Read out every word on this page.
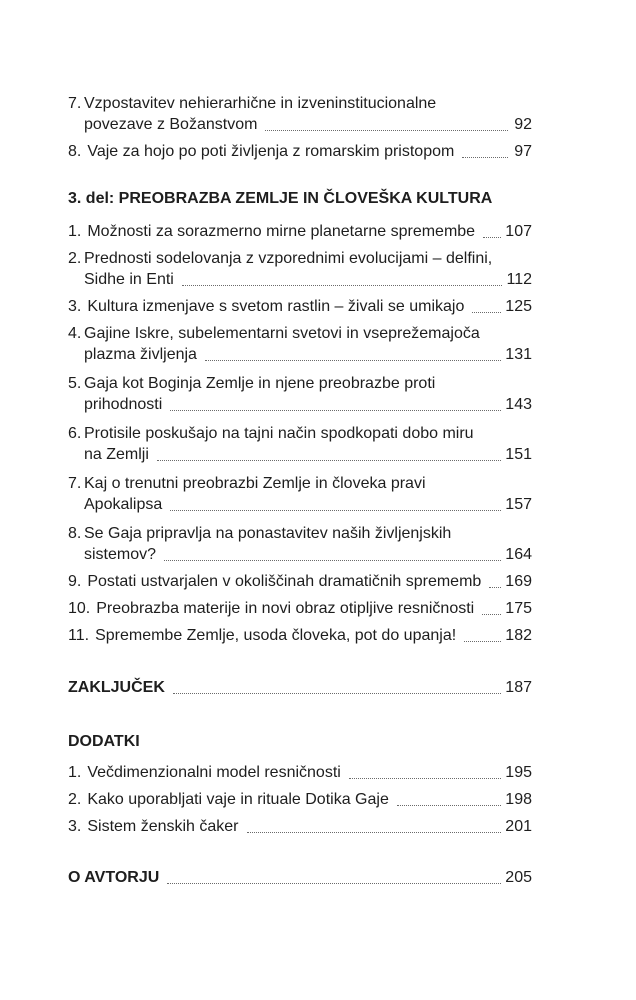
7. Vzpostavitev nehierarhične in izveninstitucionalne
povezave z Božanstvom	92
8. Vaje za hojo po poti življenja z romarskim pristopom	97
3. del: PREOBRAZBA ZEMLJE IN ČLOVEŠKA KULTURA
1. Možnosti za sorazmerno mirne planetarne spremembe 107
2. Prednosti sodelovanja z vzporednimi evolucijami – delfini,
Sidhe in Enti	112
3. Kultura izmenjave s svetom rastlin – živali se umikajo	125
4. Gajine Iskre, subelementarni svetovi in vseprežemajoča
plazma življenja	131
5. Gaja kot Boginja Zemlje in njene preobrazbe proti
prihodnosti	143
6. Protisile poskušajo na tajni način spodkopati dobo miru
na Zemlji	151
7. Kaj o trenutni preobrazbi Zemlje in človeka pravi
Apokalipsa	157
8. Se Gaja pripravlja na ponastavitev naših življenjskih
sistemov?	164
9. Postati ustvarjalen v okoliščinah dramatičnih sprememb 169
10. Preobrazba materije in novi obraz otipljive resničnosti 175
11. Spremembe Zemlje, usoda človeka, pot do upanja!	182
ZAKLJUČEK	187
DODATKI
1. Večdimenzionalni model resničnosti	195
2. Kako uporabljati vaje in rituale Dotika Gaje	198
3. Sistem ženskih čaker	201
O AVTORJU	205
